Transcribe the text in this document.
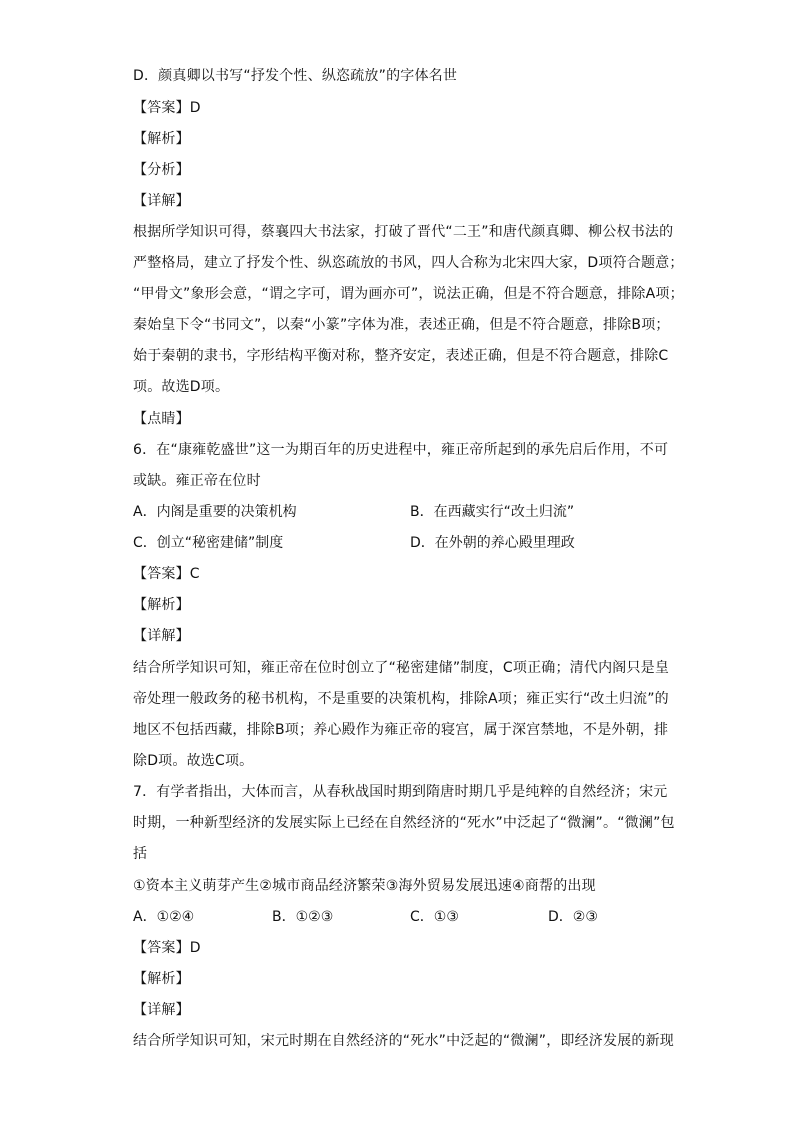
D．颜真卿以书写“抒发个性、纵恣疏放”的字体名世
【答案】D
【解析】
【分析】
【详解】
根据所学知识可得，蔡襄四大书法家，打破了晋代“二王”和唐代颜真卿、柳公权书法的
严整格局，建立了抒发个性、纵恣疏放的书风，四人合称为北宋四大家，D项符合题意；
“甲骨文”象形会意，“谓之字可，谓为画亦可”，说法正确，但是不符合题意，排除A项；
秦始皇下令“书同文”，以秦“小篆”字体为准，表述正确，但是不符合题意，排除B项；
始于秦朝的隶书，字形结构平衡对称，整齐安定，表述正确，但是不符合题意，排除C
项。故选D项。
【点睛】
6．在“康雍乾盛世”这一为期百年的历史进程中，雍正帝所起到的承先启后作用，不可
或缺。雍正帝在位时
A．内阁是重要的决策机构	B．在西藏实行“改土归流”
C．创立“秘密建储”制度	D．在外朝的养心殿里理政
【答案】C
【解析】
【详解】
结合所学知识可知，雍正帝在位时创立了“秘密建储”制度，C项正确；清代内阁只是皇
帝处理一般政务的秘书机构，不是重要的决策机构，排除A项；雍正实行“改土归流”的
地区不包括西藏，排除B项；养心殿作为雍正帝的寝宫，属于深宫禁地，不是外朝，排
除D项。故选C项。
7．有学者指出，大体而言，从春秋战国时期到隋唐时期几乎是纯粹的自然经济；宋元
时期，一种新型经济的发展实际上已经在自然经济的“死水”中泛起了“微澜”。“微澜”包
括
①资本主义萌芽产生②城市商品经济繁荣③海外贸易发展迅速④商帮的出现
A．①②④	B．①②③	C．①③	D．②③
【答案】D
【解析】
【详解】
结合所学知识可知，宋元时期在自然经济的“死水”中泛起的“微澜”，即经济发展的新现
